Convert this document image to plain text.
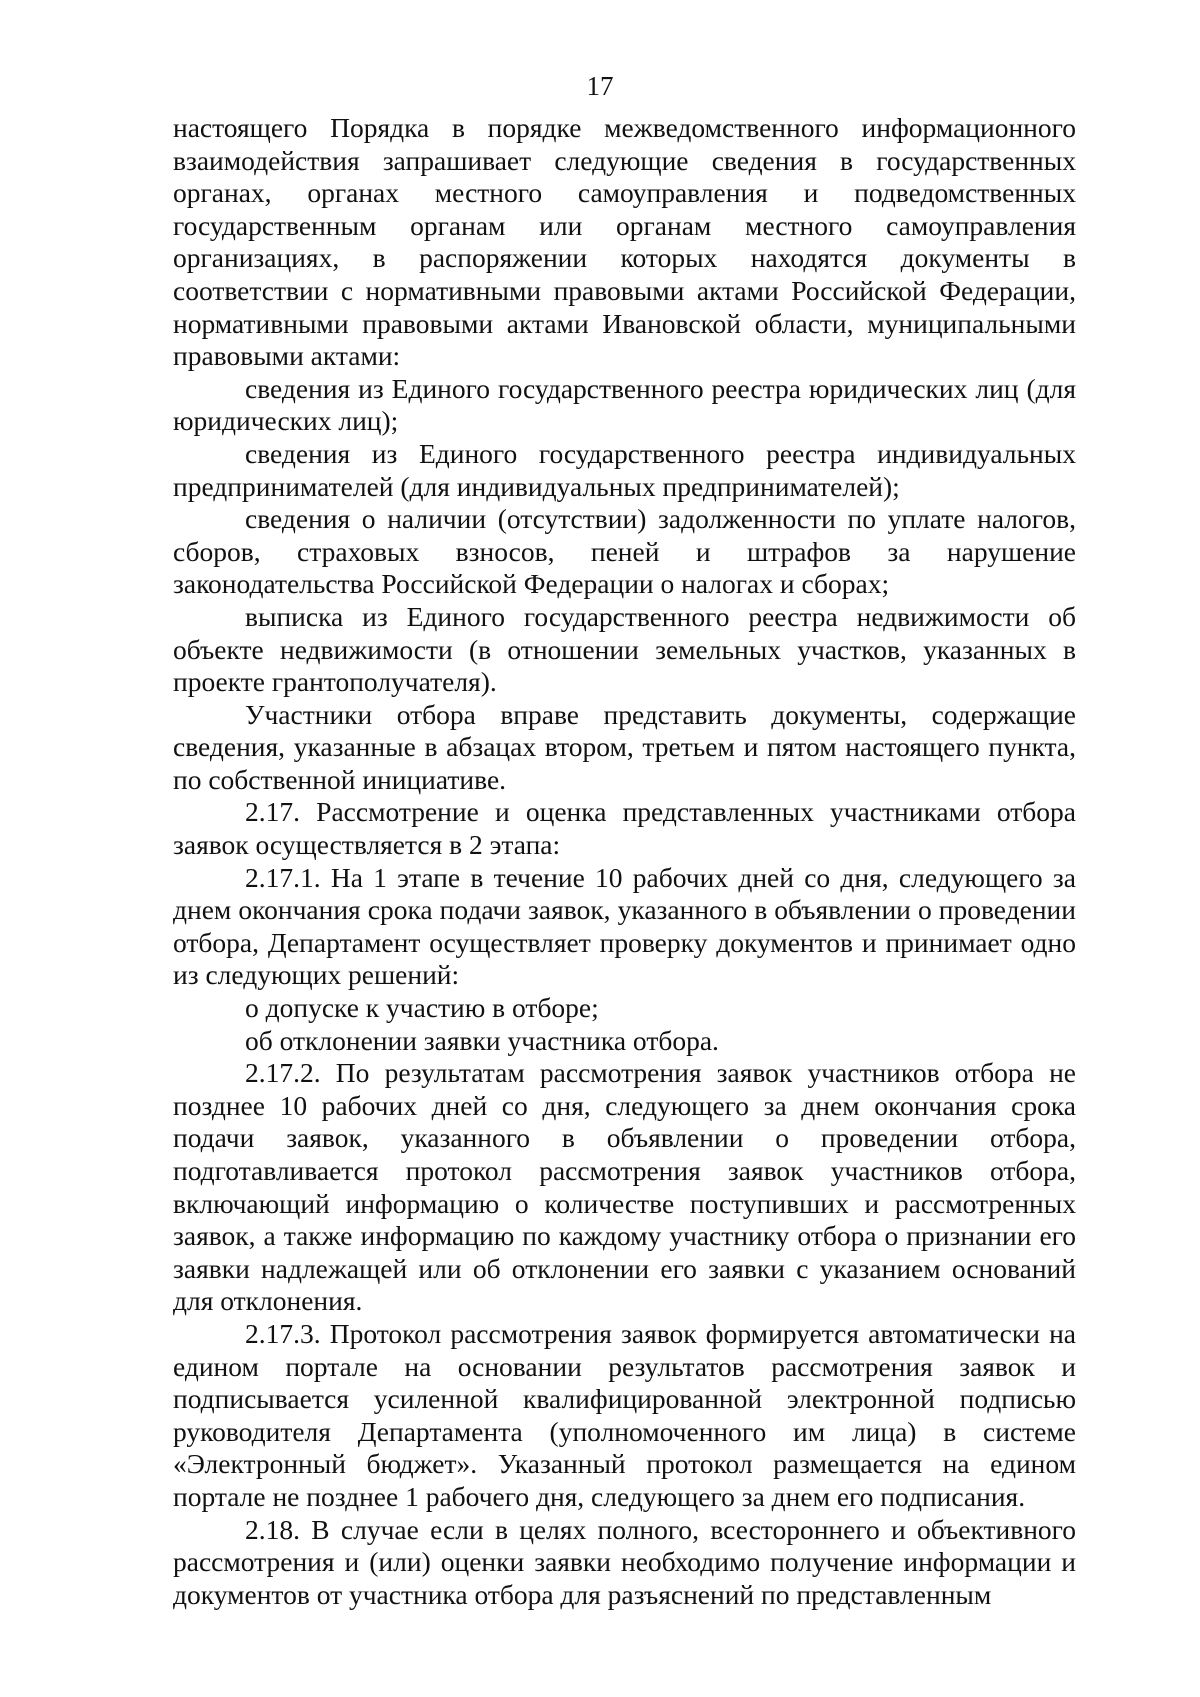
17

настоящего Порядка в порядке межведомственного информационного взаимодействия запрашивает следующие сведения в государственных органах, органах местного самоуправления и подведомственных государственным органам или органам местного самоуправления организациях, в распоряжении которых находятся документы в соответствии с нормативными правовыми актами Российской Федерации, нормативными правовыми актами Ивановской области, муниципальными правовыми актами:

сведения из Единого государственного реестра юридических лиц (для юридических лиц);

сведения из Единого государственного реестра индивидуальных предпринимателей (для индивидуальных предпринимателей);

сведения о наличии (отсутствии) задолженности по уплате налогов, сборов, страховых взносов, пеней и штрафов за нарушение законодательства Российской Федерации о налогах и сборах;

выписка из Единого государственного реестра недвижимости об объекте недвижимости (в отношении земельных участков, указанных в проекте грантополучателя).

Участники отбора вправе представить документы, содержащие сведения, указанные в абзацах втором, третьем и пятом настоящего пункта, по собственной инициативе.

2.17. Рассмотрение и оценка представленных участниками отбора заявок осуществляется в 2 этапа:

2.17.1. На 1 этапе в течение 10 рабочих дней со дня, следующего за днем окончания срока подачи заявок, указанного в объявлении о проведении отбора, Департамент осуществляет проверку документов и принимает одно из следующих решений:

о допуске к участию в отборе;

об отклонении заявки участника отбора.

2.17.2. По результатам рассмотрения заявок участников отбора не позднее 10 рабочих дней со дня, следующего за днем окончания срока подачи заявок, указанного в объявлении о проведении отбора, подготавливается протокол рассмотрения заявок участников отбора, включающий информацию о количестве поступивших и рассмотренных заявок, а также информацию по каждому участнику отбора о признании его заявки надлежащей или об отклонении его заявки с указанием оснований для отклонения.

2.17.3. Протокол рассмотрения заявок формируется автоматически на едином портале на основании результатов рассмотрения заявок и подписывается усиленной квалифицированной электронной подписью руководителя Департамента (уполномоченного им лица) в системе «Электронный бюджет». Указанный протокол размещается на едином портале не позднее 1 рабочего дня, следующего за днем его подписания.

2.18. В случае если в целях полного, всестороннего и объективного рассмотрения и (или) оценки заявки необходимо получение информации и документов от участника отбора для разъяснений по представленным
